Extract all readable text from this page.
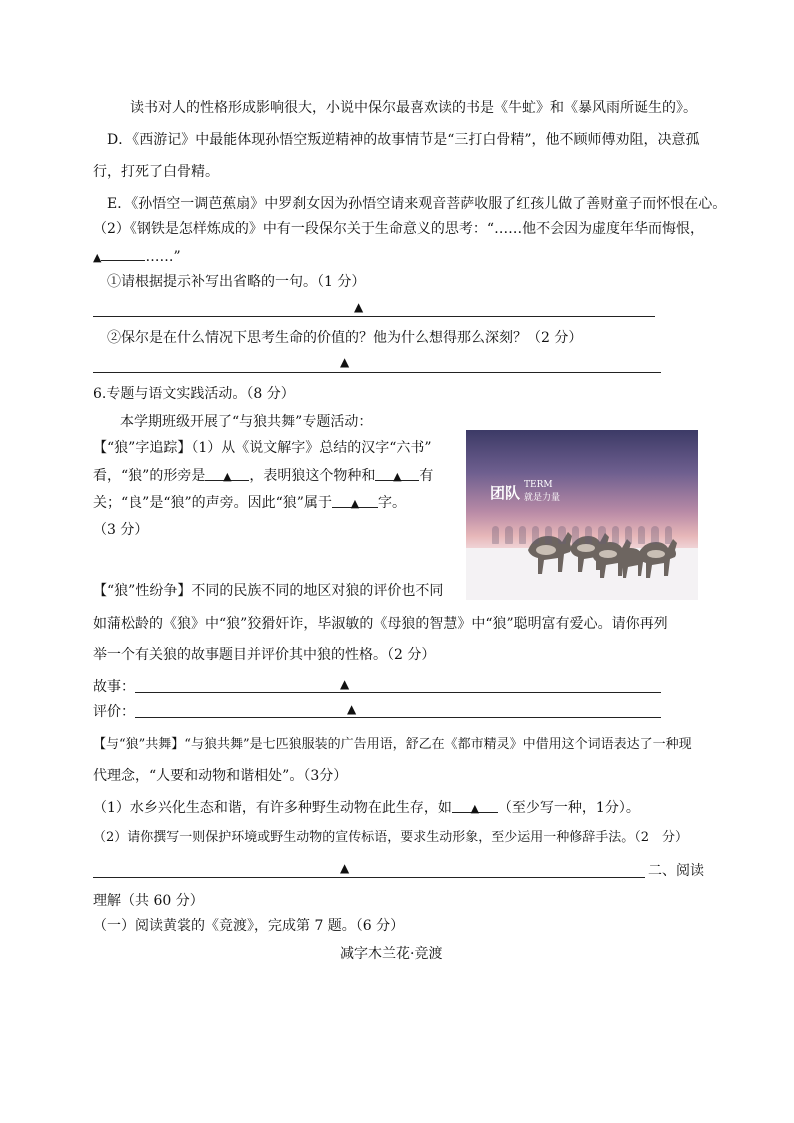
读书对人的性格形成影响很大，小说中保尔最喜欢读的书是《牛虻》和《暴风雨所诞生的》。
D．《西游记》中最能体现孙悟空叛逆精神的故事情节是“三打白骨精”，他不顾师傅劝阻，决意孤
行，打死了白骨精。
E．《孙悟空一调芭蕉扇》中罗刹女因为孙悟空请来观音菩萨收服了红孩儿做了善财童子而怀恨在心。
（2）《钢铁是怎样炼成的》中有一段保尔关于生命意义的思考：“……他不会因为虚度年华而悔恨，
▲	……”
①请根据提示补写出省略的一句。（1 分）
▲
②保尔是在什么情况下思考生命的价值的？他为什么想得那么深刻？（2 分）
▲
6.专题与语文实践活动。（8 分）
本学期班级开展了“与狼共舞”专题活动：
【“狼”字追踪】（1）从《说文解字》总结的汉字“六书”
看，“狼”的形旁是 ▲ ，表明狼这个物种和 ▲ 有
关；“良”是“狼”的声旁。因此“狼”属于 ▲ 字。
（3 分）

团队 TERM
就是力量
【“狼”性纷争】不同的民族不同的地区对狼的评价也不同
如蒲松龄的《狼》中“狼”狡猾奸诈，毕淑敏的《母狼的智慧》中“狼”聪明富有爱心。请你再列
举一个有关狼的故事题目并评价其中狼的性格。（2 分）
故事：	▲
评价：	▲
【与“狼”共舞】“与狼共舞”是七匹狼服装的广告用语，舒乙在《都市精灵》中借用这个词语表达了一种现
代理念，“人要和动物和谐相处”。（3分）
（1）水乡兴化生态和谐，有许多种野生动物在此生存，如 ▲ （至少写一种，1分）。
（2）请你撰写一则保护环境或野生动物的宣传标语，要求生动形象，至少运用一种修辞手法。（2　分）
▲	二、阅读
理解（共 60 分）
（一）阅读黄裳的《竞渡》，完成第 7 题。（6 分）
减字木兰花·竞渡
